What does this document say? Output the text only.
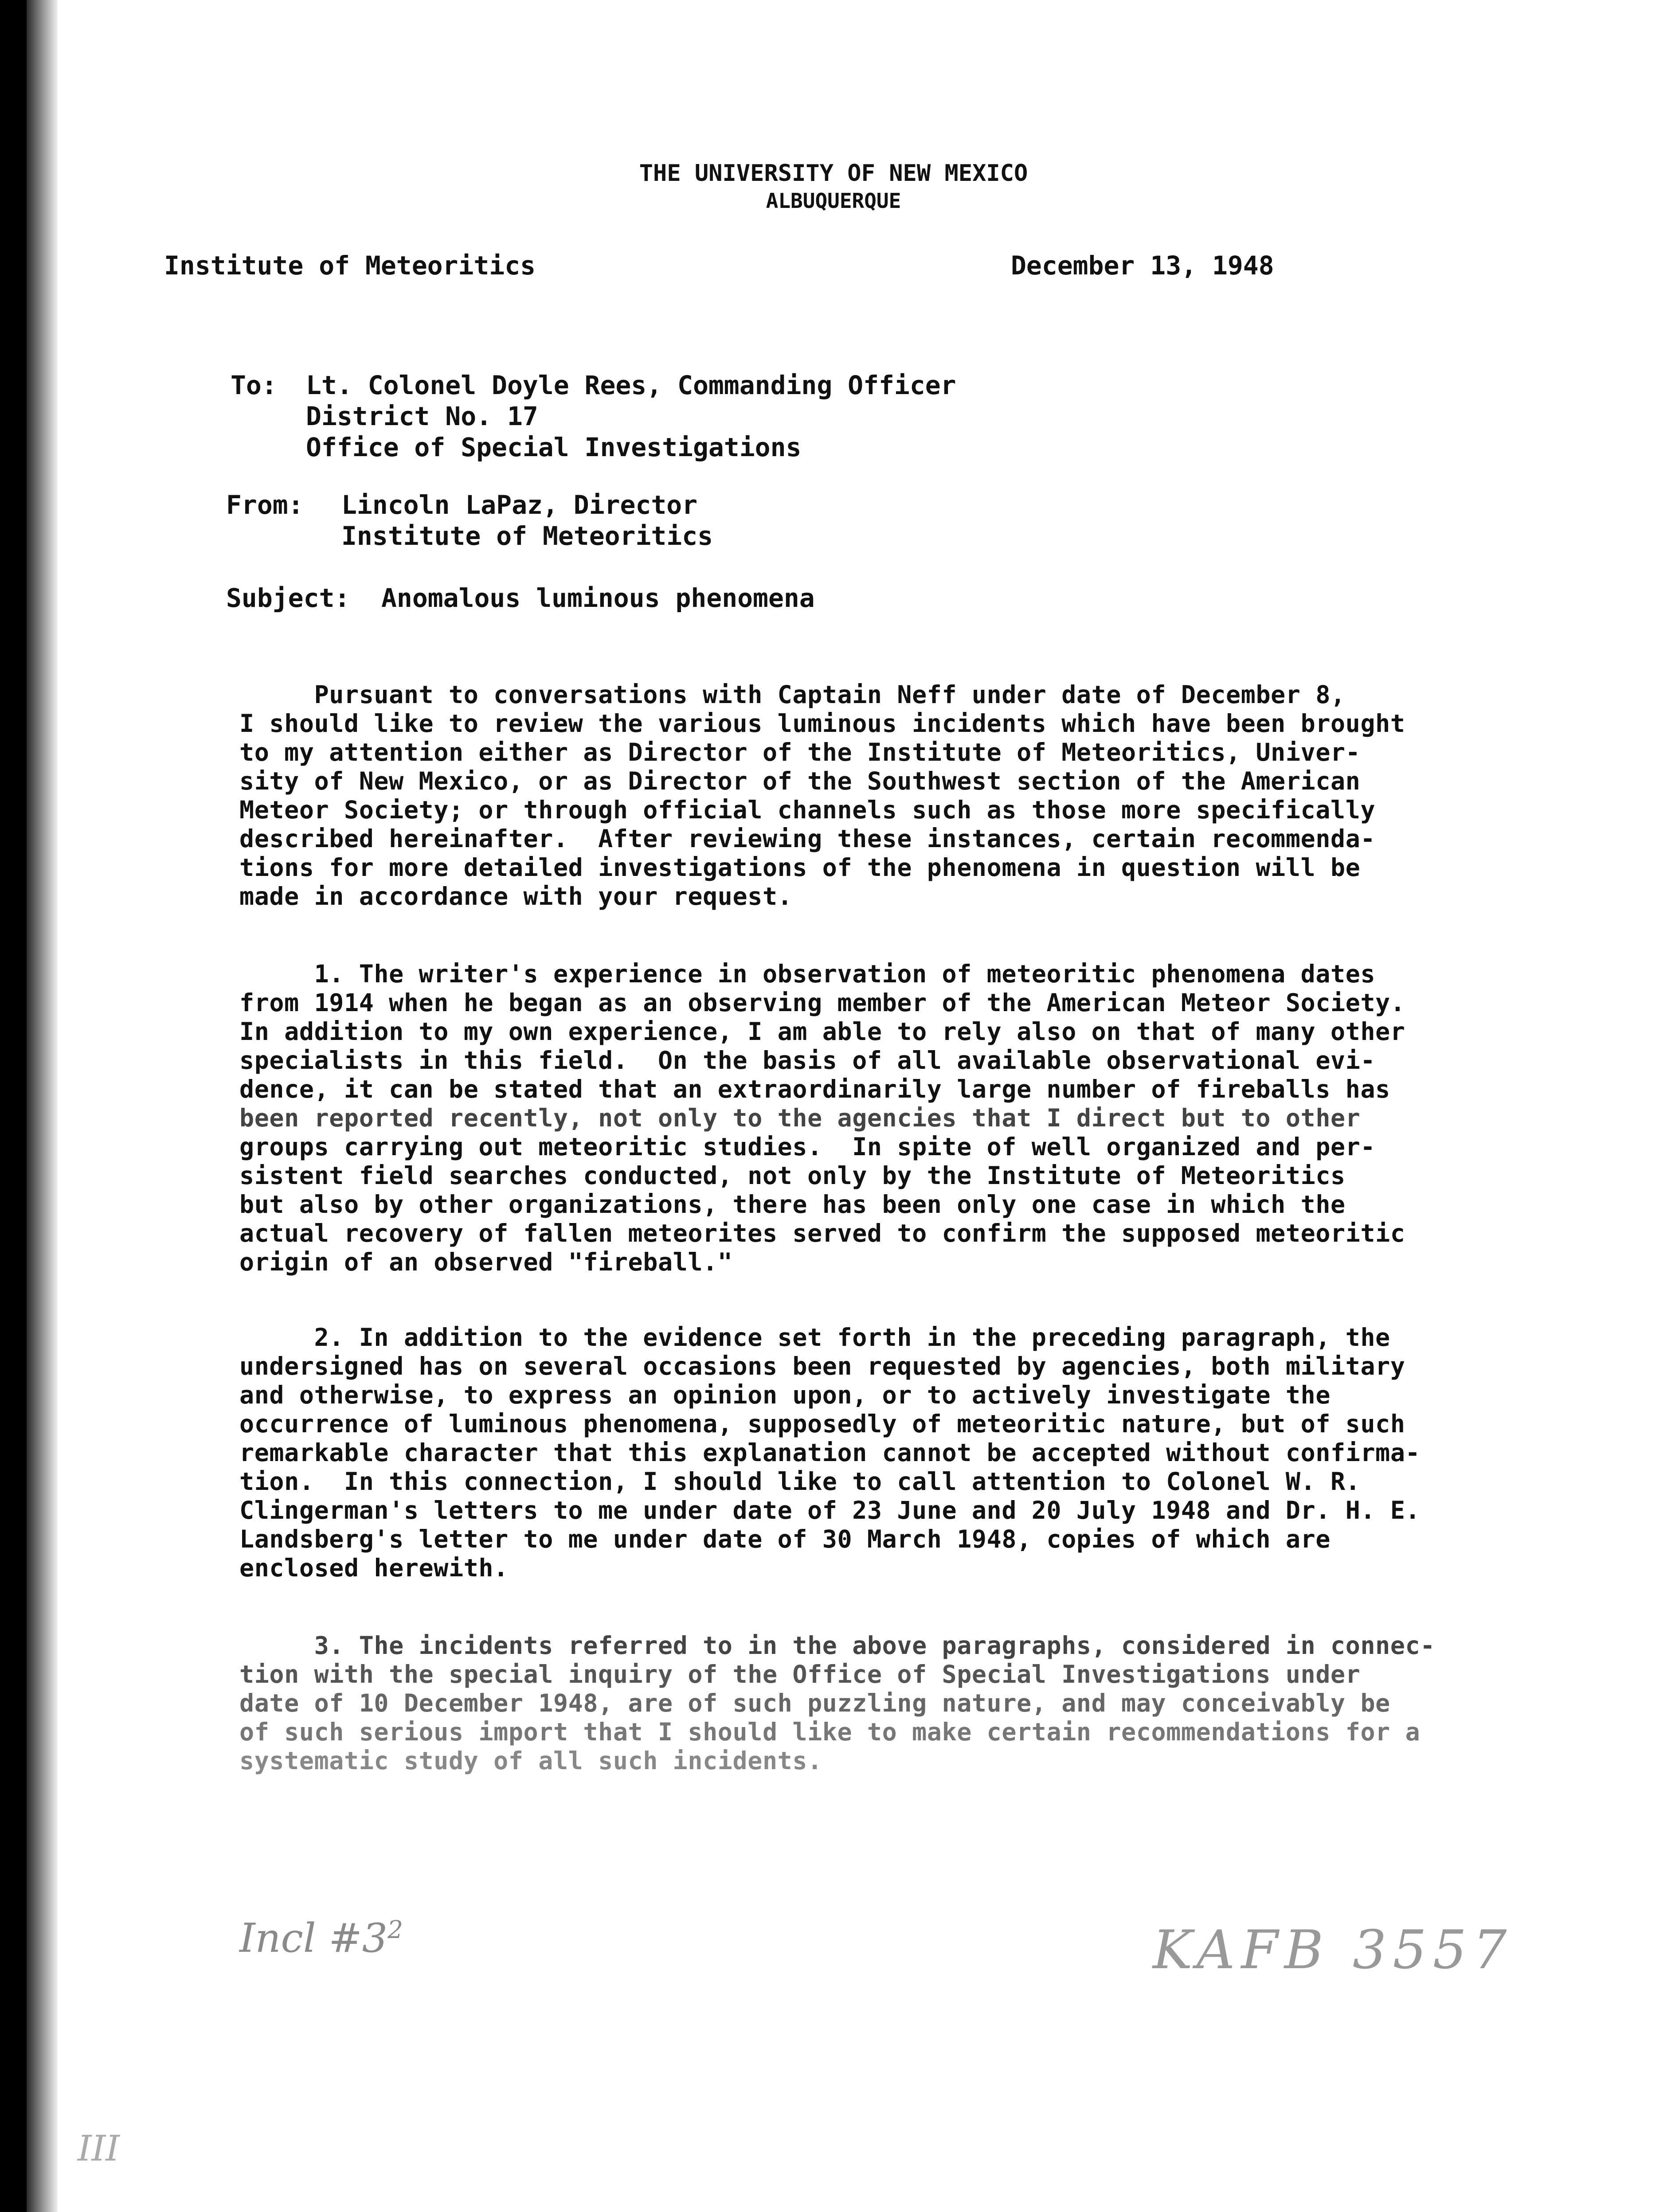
THE UNIVERSITY OF NEW MEXICO
ALBUQUERQUE
Institute of Meteoritics	December 13, 1948
To: Lt. Colonel Doyle Rees, Commanding Officer
District No. 17
Office of Special Investigations
From: Lincoln LaPaz, Director
Institute of Meteoritics
Subject: Anomalous luminous phenomena
Pursuant to conversations with Captain Neff under date of December 8,
I should like to review the various luminous incidents which have been brought
to my attention either as Director of the Institute of Meteoritics, Univer-
sity of New Mexico, or as Director of the Southwest section of the American
Meteor Society; or through official channels such as those more specifically
described hereinafter.  After reviewing these instances, certain recommenda-
tions for more detailed investigations of the phenomena in question will be
made in accordance with your request.
1. The writer's experience in observation of meteoritic phenomena dates
from 1914 when he began as an observing member of the American Meteor Society.
In addition to my own experience, I am able to rely also on that of many other
specialists in this field.  On the basis of all available observational evi-
dence, it can be stated that an extraordinarily large number of fireballs has
been reported recently, not only to the agencies that I direct but to other
groups carrying out meteoritic studies.  In spite of well organized and per-
sistent field searches conducted, not only by the Institute of Meteoritics
but also by other organizations, there has been only one case in which the
actual recovery of fallen meteorites served to confirm the supposed meteoritic
origin of an observed "fireball."
2. In addition to the evidence set forth in the preceding paragraph, the
undersigned has on several occasions been requested by agencies, both military
and otherwise, to express an opinion upon, or to actively investigate the
occurrence of luminous phenomena, supposedly of meteoritic nature, but of such
remarkable character that this explanation cannot be accepted without confirma-
tion.  In this connection, I should like to call attention to Colonel W. R.
Clingerman's letters to me under date of 23 June and 20 July 1948 and Dr. H. E.
Landsberg's letter to me under date of 30 March 1948, copies of which are
enclosed herewith.
3. The incidents referred to in the above paragraphs, considered in connec-
tion with the special inquiry of the Office of Special Investigations under
date of 10 December 1948, are of such puzzling nature, and may conceivably be
of such serious import that I should like to make certain recommendations for a
systematic study of all such incidents.
Incl $\#3^2$	KAFB 3557
III
